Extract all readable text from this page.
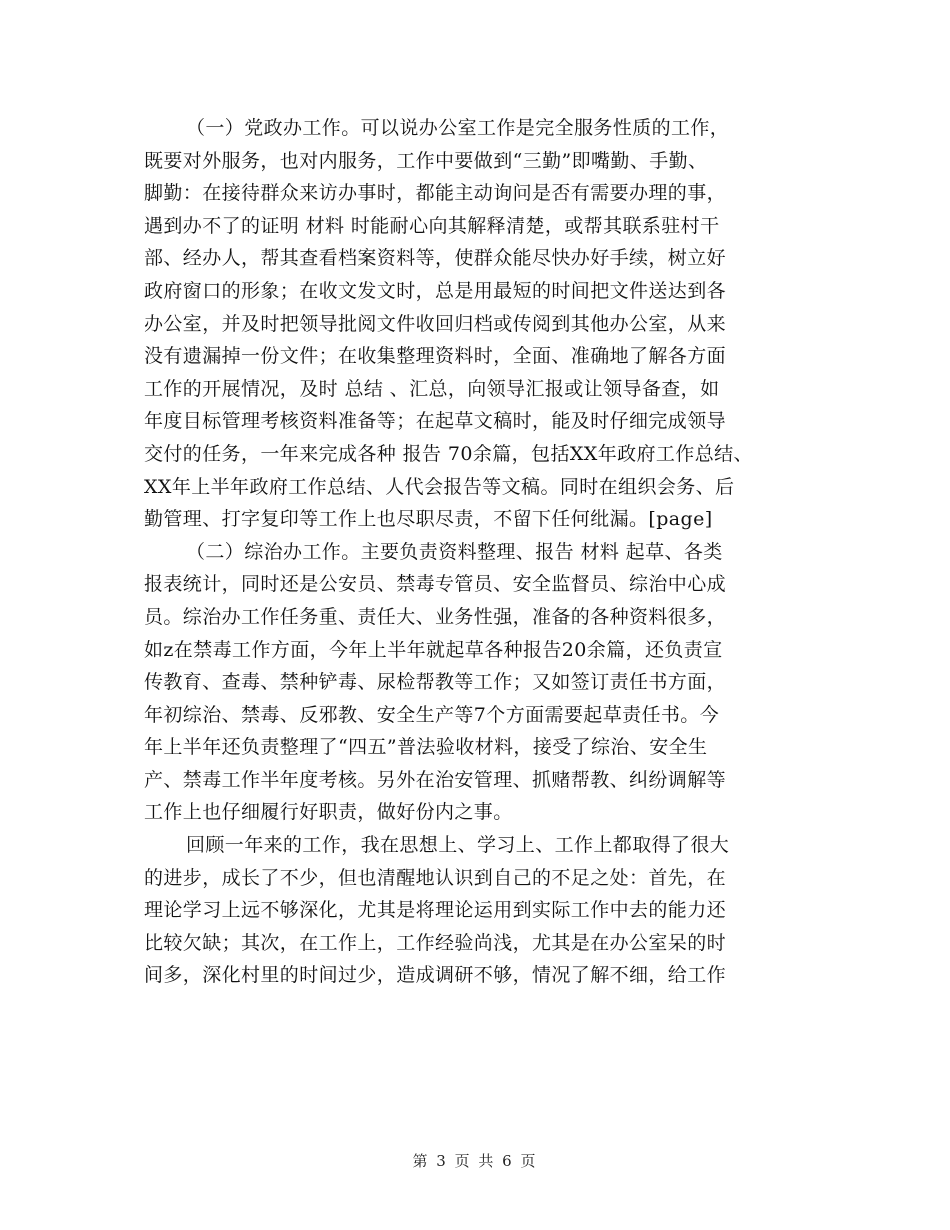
（一）党政办工作。可以说办公室工作是完全服务性质的工作，
既要对外服务，也对内服务，工作中要做到“三勤”即嘴勤、手勤、
脚勤：在接待群众来访办事时，都能主动询问是否有需要办理的事，
遇到办不了的证明 材料 时能耐心向其解释清楚，或帮其联系驻村干
部、经办人，帮其查看档案资料等，使群众能尽快办好手续，树立好
政府窗口的形象；在收文发文时，总是用最短的时间把文件送达到各
办公室，并及时把领导批阅文件收回归档或传阅到其他办公室，从来
没有遗漏掉一份文件；在收集整理资料时，全面、准确地了解各方面
工作的开展情况，及时 总结 、汇总，向领导汇报或让领导备查，如
年度目标管理考核资料准备等；在起草文稿时，能及时仔细完成领导
交付的任务，一年来完成各种 报告 70余篇，包括XX年政府工作总结、
XX年上半年政府工作总结、人代会报告等文稿。同时在组织会务、后
勤管理、打字复印等工作上也尽职尽责，不留下任何纰漏。[page]
（二）综治办工作。主要负责资料整理、报告 材料 起草、各类
报表统计，同时还是公安员、禁毒专管员、安全监督员、综治中心成
员。综治办工作任务重、责任大、业务性强，准备的各种资料很多，
如z在禁毒工作方面，今年上半年就起草各种报告20余篇，还负责宣
传教育、查毒、禁种铲毒、尿检帮教等工作；又如签订责任书方面，
年初综治、禁毒、反邪教、安全生产等7个方面需要起草责任书。今
年上半年还负责整理了“四五”普法验收材料，接受了综治、安全生
产、禁毒工作半年度考核。另外在治安管理、抓赌帮教、纠纷调解等
工作上也仔细履行好职责，做好份内之事。
回顾一年来的工作，我在思想上、学习上、工作上都取得了很大
的进步，成长了不少，但也清醒地认识到自己的不足之处：首先，在
理论学习上远不够深化，尤其是将理论运用到实际工作中去的能力还
比较欠缺；其次，在工作上，工作经验尚浅，尤其是在办公室呆的时
间多，深化村里的时间过少，造成调研不够，情况了解不细，给工作
第 3 页 共 6 页
